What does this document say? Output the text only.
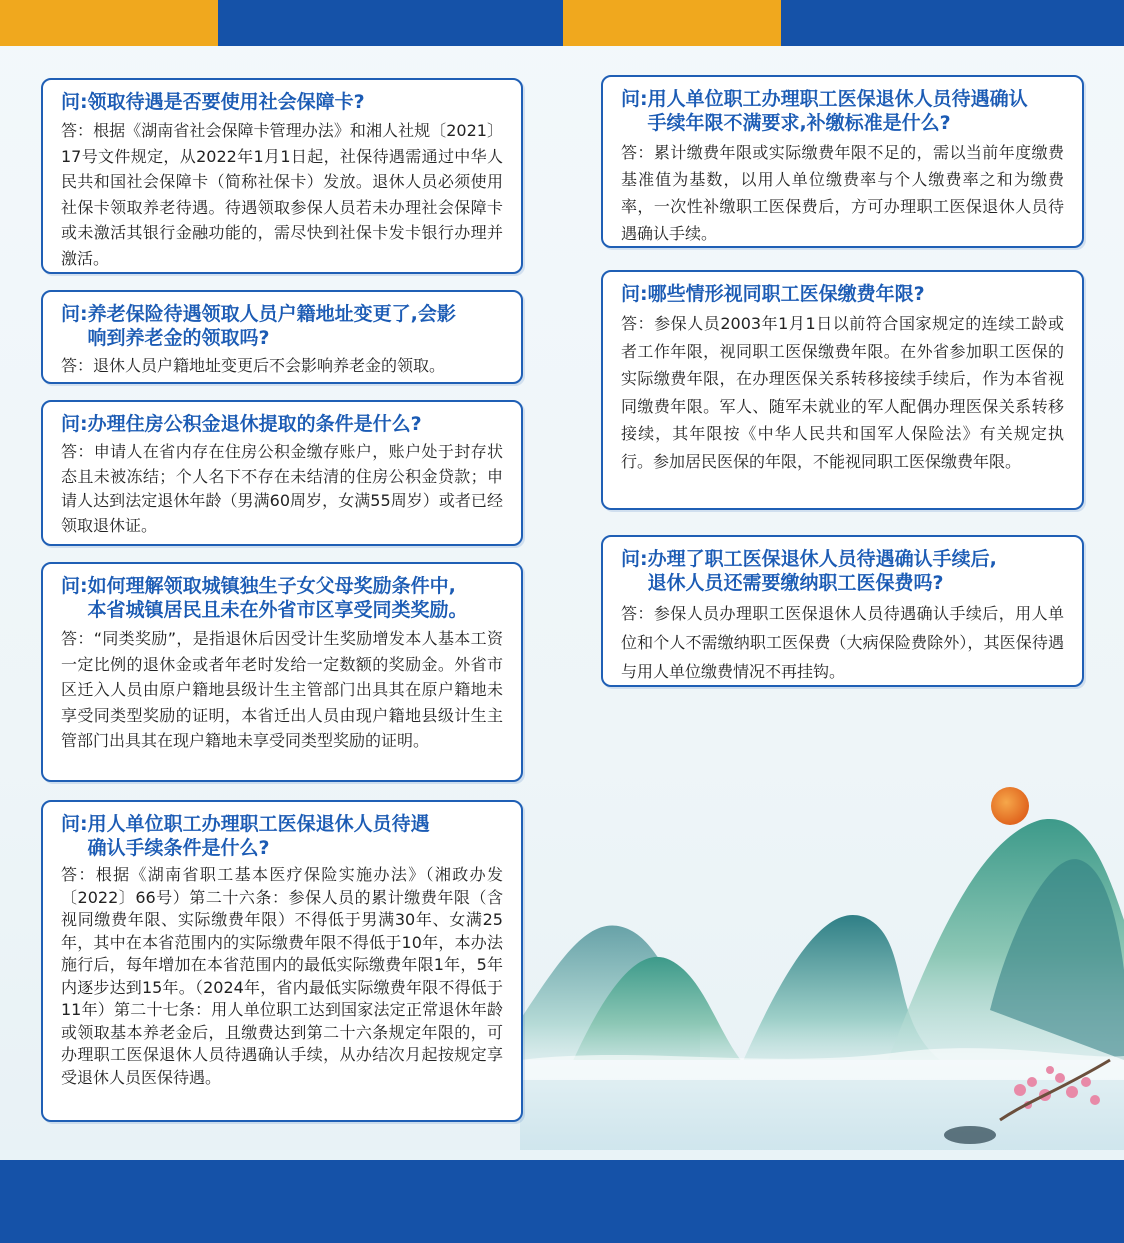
问:领取待遇是否要使用社会保障卡?

答：根据《湖南省社会保障卡管理办法》和湘人社规〔2021〕17号文件规定，从2022年1月1日起，社保待遇需通过中华人民共和国社会保障卡（简称社保卡）发放。退休人员必须使用社保卡领取养老待遇。待遇领取参保人员若未办理社会保障卡或未激活其银行金融功能的，需尽快到社保卡发卡银行办理并激活。

问:养老保险待遇领取人员户籍地址变更了,会影
响到养老金的领取吗?

答：退休人员户籍地址变更后不会影响养老金的领取。

问:办理住房公积金退休提取的条件是什么?

答：申请人在省内存在住房公积金缴存账户，账户处于封存状态且未被冻结；个人名下不存在未结清的住房公积金贷款；申请人达到法定退休年龄（男满60周岁，女满55周岁）或者已经领取退休证。

问:如何理解领取城镇独生子女父母奖励条件中,
本省城镇居民且未在外省市区享受同类奖励。

答：“同类奖励”，是指退休后因受计生奖励增发本人基本工资一定比例的退休金或者年老时发给一定数额的奖励金。外省市区迁入人员由原户籍地县级计生主管部门出具其在原户籍地未享受同类型奖励的证明，本省迁出人员由现户籍地县级计生主管部门出具其在现户籍地未享受同类型奖励的证明。

问:用人单位职工办理职工医保退休人员待遇
确认手续条件是什么?

答：根据《湖南省职工基本医疗保险实施办法》（湘政办发〔2022〕66号）第二十六条：参保人员的累计缴费年限（含视同缴费年限、实际缴费年限）不得低于男满30年、女满25年，其中在本省范围内的实际缴费年限不得低于10年，本办法施行后，每年增加在本省范围内的最低实际缴费年限1年，5年内逐步达到15年。（2024年，省内最低实际缴费年限不得低于11年）第二十七条：用人单位职工达到国家法定正常退休年龄或领取基本养老金后，且缴费达到第二十六条规定年限的，可办理职工医保退休人员待遇确认手续，从办结次月起按规定享受退休人员医保待遇。

问:用人单位职工办理职工医保退休人员待遇确认
手续年限不满要求,补缴标准是什么?

答：累计缴费年限或实际缴费年限不足的，需以当前年度缴费基准值为基数，以用人单位缴费率与个人缴费率之和为缴费率，一次性补缴职工医保费后，方可办理职工医保退休人员待遇确认手续。

问:哪些情形视同职工医保缴费年限?

答：参保人员2003年1月1日以前符合国家规定的连续工龄或者工作年限，视同职工医保缴费年限。在外省参加职工医保的实际缴费年限，在办理医保关系转移接续手续后，作为本省视同缴费年限。军人、随军未就业的军人配偶办理医保关系转移接续，其年限按《中华人民共和国军人保险法》有关规定执行。参加居民医保的年限，不能视同职工医保缴费年限。

问:办理了职工医保退休人员待遇确认手续后,
退休人员还需要缴纳职工医保费吗?

答：参保人员办理职工医保退休人员待遇确认手续后，用人单位和个人不需缴纳职工医保费（大病保险费除外），其医保待遇与用人单位缴费情况不再挂钩。
